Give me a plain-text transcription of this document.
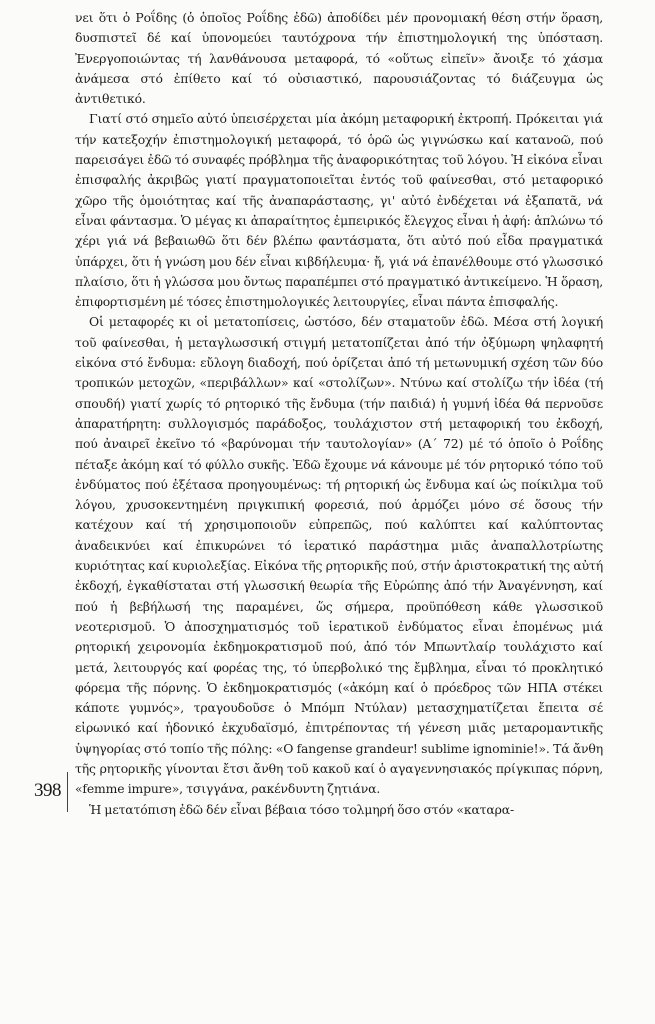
νει ὅτι ὁ Ροΐδης (ὁ ὁποῖος Ροΐδης ἐδῶ) ἀποδίδει μέν προνομιακή θέση στήν ὅραση, δυσπιστεῖ δέ καί ὑπονομεύει ταυτόχρονα τήν ἐπιστημολογική της ὑπόσταση. Ἐνεργοποιώντας τή λανθάνουσα μεταφορά, τό «οὕτως εἰπεῖν» ἄνοιξε τό χάσμα ἀνάμεσα στό ἐπίθετο καί τό οὐσιαστικό, παρουσιάζοντας τό διάζευγμα ὡς ἀντιθετικό.

Γιατί στό σημεῖο αὐτό ὑπεισέρχεται μία ἀκόμη μεταφορική ἐκτροπή. Πρόκειται γιά τήν κατεξοχήν ἐπιστημολογική μεταφορά, τό ὁρῶ ὡς γιγνώσκω καί κατανοῶ, πού παρεισάγει ἐδῶ τό συναφές πρόβλημα τῆς ἀναφορικότητας τοῦ λόγου. Ἡ εἰκόνα εἶναι ἐπισφαλής ἀκριβῶς γιατί πραγματοποιεῖται ἐντός τοῦ φαίνεσθαι, στό μεταφορικό χῶρο τῆς ὁμοιότητας καί τῆς ἀναπαράστασης, γι' αὐτό ἐνδέχεται νά ἐξαπατᾶ, νά εἶναι φάντασμα. Ὁ μέγας κι ἀπαραίτητος ἐμπειρικός ἔλεγχος εἶναι ἡ ἀφή: ἁπλώνω τό χέρι γιά νά βεβαιωθῶ ὅτι δέν βλέπω φαντάσματα, ὅτι αὐτό πού εἶδα πραγματικά ὑπάρχει, ὅτι ἡ γνώση μου δέν εἶναι κιβδήλευμα· ἤ, γιά νά ἐπανέλθουμε στό γλωσσικό πλαίσιο, ὅτι ἡ γλώσσα μου ὄντως παραπέμπει στό πραγματικό ἀντικείμενο. Ἡ ὅραση, ἐπιφορτισμένη μέ τόσες ἐπιστημολογικές λειτουργίες, εἶναι πάντα ἐπισφαλής.

Οἱ μεταφορές κι οἱ μετατοπίσεις, ὡστόσο, δέν σταματοῦν ἐδῶ. Μέσα στή λογική τοῦ φαίνεσθαι, ἡ μεταγλωσσική στιγμή μετατοπίζεται ἀπό τήν ὀξύμωρη ψηλαφητή εἰκόνα στό ἔνδυμα: εὔλογη διαδοχή, πού ὁρίζεται ἀπό τή μετωνυμική σχέση τῶν δύο τροπικών μετοχῶν, «περιβάλλων» καί «στολίζων». Ντύνω καί στολίζω τήν ἰδέα (τή σπουδή) γιατί χωρίς τό ρητορικό τῆς ἔνδυμα (τήν παιδιά) ἡ γυμνή ἰδέα θά περνοῦσε ἀπαρατήρητη: συλλογισμός παράδοξος, τουλάχιστον στή μεταφορική του ἐκδοχή, πού ἀναιρεῖ ἐκεῖνο τό «βαρύνομαι τήν ταυτολογίαν» (Α΄ 72) μέ τό ὁποῖο ὁ Ροΐδης πέταξε ἀκόμη καί τό φύλλο συκῆς. Ἐδῶ ἔχουμε νά κάνουμε μέ τόν ρητορικό τόπο τοῦ ἐνδύματος πού ἐξέτασα προηγουμένως: τή ρητορική ὡς ἔνδυμα καί ὡς ποίκιλμα τοῦ λόγου, χρυσοκεντημένη πριγκιπική φορεσιά, πού ἁρμόζει μόνο σέ ὅσους τήν κατέχουν καί τή χρησιμοποιοῦν εὐπρεπῶς, πού καλύπτει καί καλύπτοντας ἀναδεικνύει καί ἐπικυρώνει τό ἱερατικό παράστημα μιᾶς ἀναπαλλοτρίωτης κυριότητας καί κυριολεξίας. Εἰκόνα τῆς ρητορικῆς πού, στήν ἀριστοκρατική της αὐτή ἐκδοχή, ἐγκαθίσταται στή γλωσσική θεωρία τῆς Εὐρώπης ἀπό τήν Ἀναγέννηση, καί πού ἡ βεβήλωσή της παραμένει, ὥς σήμερα, προϋπόθεση κάθε γλωσσικοῦ νεοτερισμοῦ. Ὁ ἀποσχηματισμός τοῦ ἱερατικοῦ ἐνδύματος εἶναι ἑπομένως μιά ρητορική χειρονομία ἐκδημοκρατισμοῦ πού, ἀπό τόν Μπωντλαίρ τουλάχιστο καί μετά, λειτουργός καί φορέας της, τό ὑπερβολικό της ἔμβλημα, εἶναι τό προκλητικό φόρεμα τῆς πόρνης. Ὁ ἐκδημοκρατισμός («ἀκόμη καί ὁ πρόεδρος τῶν ΗΠΑ στέκει κάποτε γυμνός», τραγουδοῦσε ὁ Μπόμπ Ντύλαν) μετασχηματίζεται ἔπειτα σέ εἰρωνικό καί ἡδονικό ἐκχυδαϊσμό, ἐπιτρέποντας τή γένεση μιᾶς μεταρομαντικῆς ὑψηγορίας στό τοπίο τῆς πόλης: «O fangense grandeur! sublime ignominie!». Τά ἄνθη τῆς ρητορικῆς γίνονται ἔτσι ἄνθη τοῦ κακοῦ καί ὁ αγαγεννησιακός πρίγκιπας πόρνη, «femme impure», τσιγγάνα, ρακένδυντη ζητιάνα.

Ἡ μετατόπιση ἐδῶ δέν εἶναι βέβαια τόσο τολμηρή ὅσο στόν «καταρα-

398
